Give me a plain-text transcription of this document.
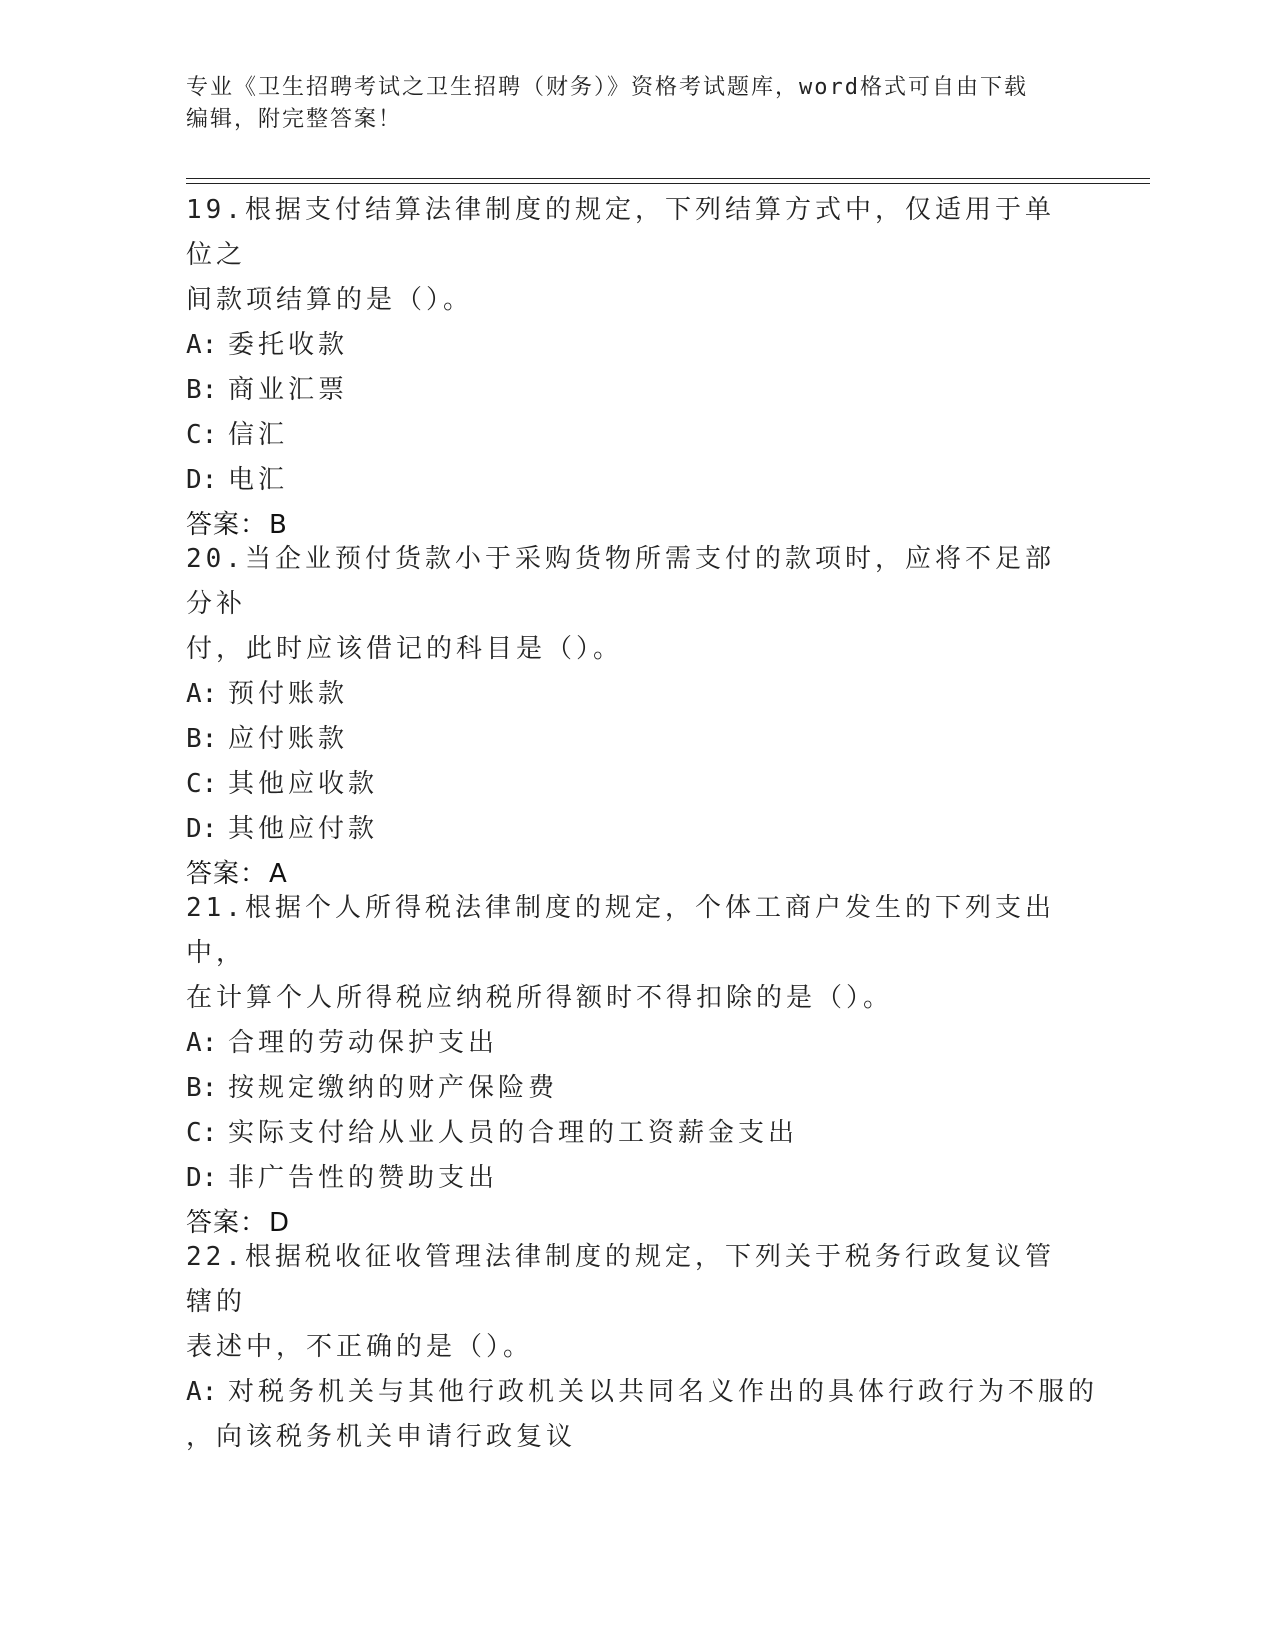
专业《卫生招聘考试之卫生招聘（财务）》资格考试题库，word格式可自由下载
编辑，附完整答案！

19.根据支付结算法律制度的规定，下列结算方式中，仅适用于单位之

间款项结算的是（）。

A: 委托收款

B: 商业汇票

C: 信汇

D: 电汇

答案：B

20.当企业预付货款小于采购货物所需支付的款项时，应将不足部分补

付，此时应该借记的科目是（）。

A: 预付账款

B: 应付账款

C: 其他应收款

D: 其他应付款

答案：A

21.根据个人所得税法律制度的规定，个体工商户发生的下列支出中，

在计算个人所得税应纳税所得额时不得扣除的是（）。

A: 合理的劳动保护支出

B: 按规定缴纳的财产保险费

C: 实际支付给从业人员的合理的工资薪金支出

D: 非广告性的赞助支出

答案：D

22.根据税收征收管理法律制度的规定，下列关于税务行政复议管辖的

表述中，不正确的是（）。

A: 对税务机关与其他行政机关以共同名义作出的具体行政行为不服的

，向该税务机关申请行政复议
